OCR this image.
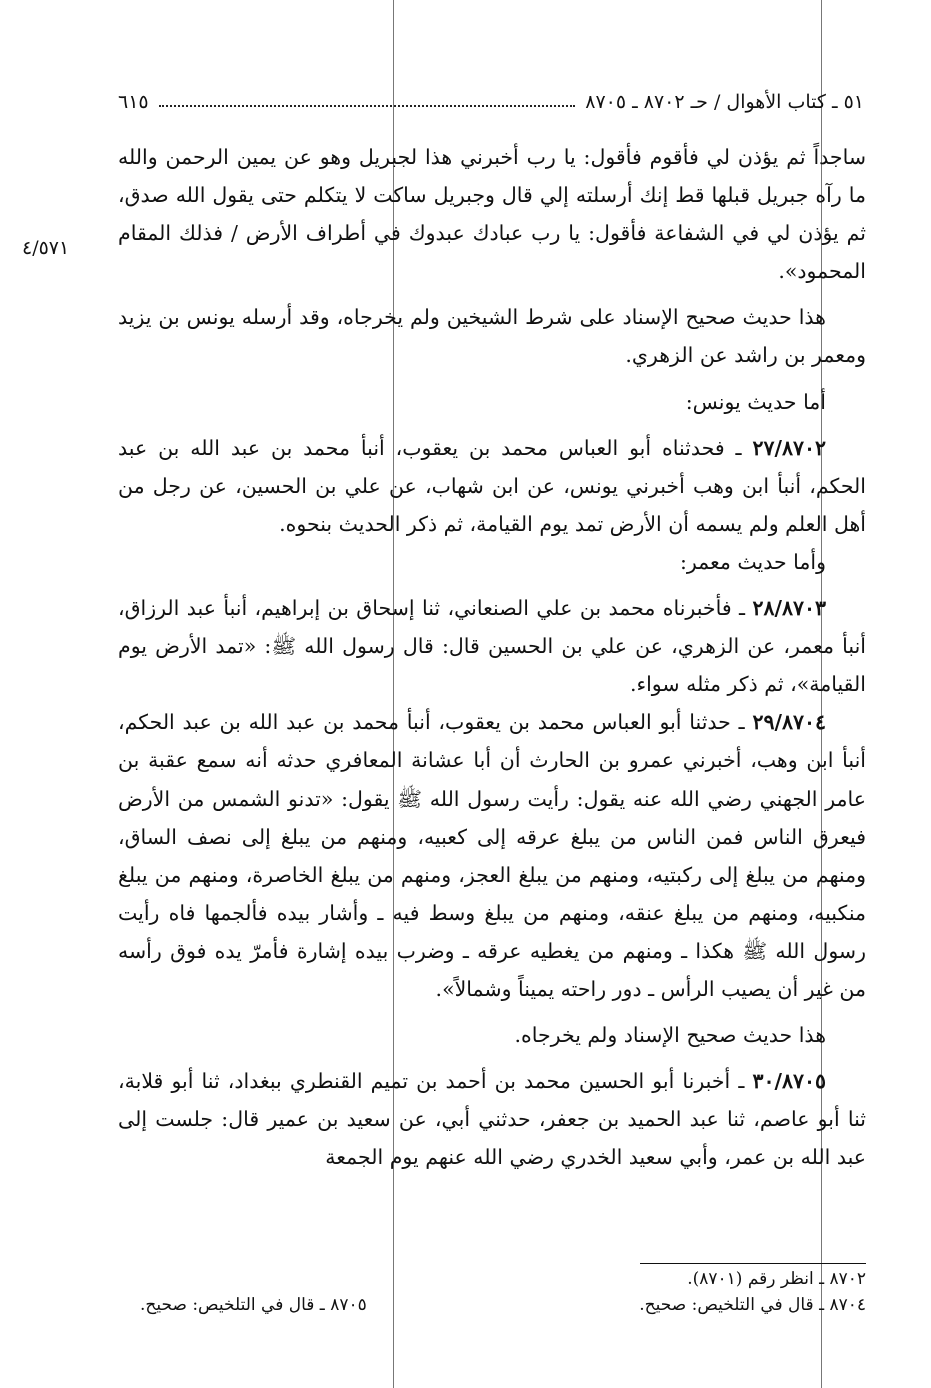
٥١ ـ كتاب الأهوال / حـ ٨٧٠٢ ـ ٨٧٠٥
٦١٥
٤/٥٧١

ساجداً ثم يؤذن لي فأقوم فأقول: يا رب أخبرني هذا لجبريل وهو عن يمين الرحمن والله ما رآه جبريل قبلها قط إنك أرسلته إلي قال وجبريل ساكت لا يتكلم حتى يقول الله صدق، ثم يؤذن لي في الشفاعة فأقول: يا رب عبادك عبدوك في أطراف الأرض / فذلك المقام المحمود».

هذا حديث صحيح الإسناد على شرط الشيخين ولم يخرجاه، وقد أرسله يونس بن يزيد ومعمر بن راشد عن الزهري.

أما حديث يونس:

٢٧/٨٧٠٢ ـ فحدثناه أبو العباس محمد بن يعقوب، أنبأ محمد بن عبد الله بن عبد الحكم، أنبأ ابن وهب أخبرني يونس، عن ابن شهاب، عن علي بن الحسين، عن رجل من أهل العلم ولم يسمه أن الأرض تمد يوم القيامة، ثم ذكر الحديث بنحوه.

وأما حديث معمر:

٢٨/٨٧٠٣ ـ فأخبرناه محمد بن علي الصنعاني، ثنا إسحاق بن إبراهيم، أنبأ عبد الرزاق، أنبأ معمر، عن الزهري، عن علي بن الحسين قال: قال رسول الله ﷺ: «تمد الأرض يوم القيامة»، ثم ذكر مثله سواء.

٢٩/٨٧٠٤ ـ حدثنا أبو العباس محمد بن يعقوب، أنبأ محمد بن عبد الله بن عبد الحكم، أنبأ ابن وهب، أخبرني عمرو بن الحارث أن أبا عشانة المعافري حدثه أنه سمع عقبة بن عامر الجهني رضي الله عنه يقول: رأيت رسول الله ﷺ يقول: «تدنو الشمس من الأرض فيعرق الناس فمن الناس من يبلغ عرقه إلى كعبيه، ومنهم من يبلغ إلى نصف الساق، ومنهم من يبلغ إلى ركبتيه، ومنهم من يبلغ العجز، ومنهم من يبلغ الخاصرة، ومنهم من يبلغ منكبيه، ومنهم من يبلغ عنقه، ومنهم من يبلغ وسط فيه ـ وأشار بيده فألجمها فاه رأيت رسول الله ﷺ هكذا ـ ومنهم من يغطيه عرقه ـ وضرب بيده إشارة فأمرّ يده فوق رأسه من غير أن يصيب الرأس ـ دور راحته يميناً وشمالاً».

هذا حديث صحيح الإسناد ولم يخرجاه.

٣٠/٨٧٠٥ ـ أخبرنا أبو الحسين محمد بن أحمد بن تميم القنطري ببغداد، ثنا أبو قلابة، ثنا أبو عاصم، ثنا عبد الحميد بن جعفر، حدثني أبي، عن سعيد بن عمير قال: جلست إلى عبد الله بن عمر، وأبي سعيد الخدري رضي الله عنهم يوم الجمعة

٨٧٠٢ ـ انظر رقم (٨٧٠١).
٨٧٠٤ ـ قال في التلخيص: صحيح.
٨٧٠٥ ـ قال في التلخيص: صحيح.
